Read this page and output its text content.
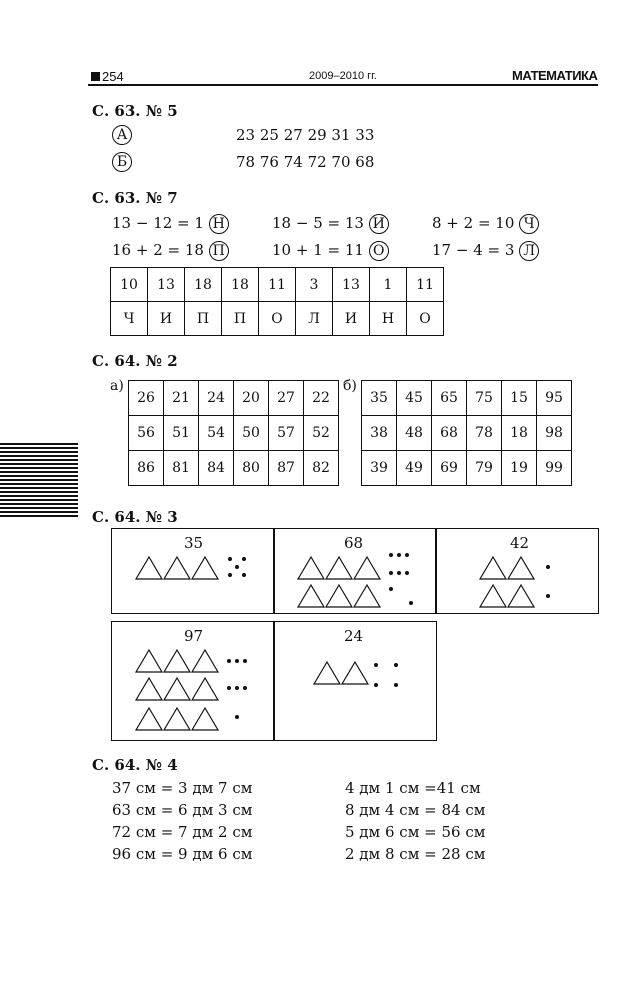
254	2009–2010 гг.	МАТЕМАТИКА
С. 63. № 5
А	23 25 27 29 31 33
Б	78 76 74 72 70 68
С. 63. № 7
13 − 12 = 1 Н	18 − 5 = 13 И	8 + 2 = 10 Ч
16 + 2 = 18 П	10 + 1 = 11 О	17 − 4 = 3 Л
10	13	18	18	11	3	13	1	11
Ч	И	П	П	О	Л	И	Н	О
С. 64. № 2
а)	б)
26	21	24	20	27	22
56	51	54	50	57	52
86	81	84	80	87	82
35	45	65	75	15	95
38	48	68	78	18	98
39	49	69	79	19	99
С. 64. № 3
35	68	42
97	24
С. 64. № 4
37 см = 3 дм 7 см
63 см = 6 дм 3 см
72 см = 7 дм 2 см
96 см = 9 дм 6 см
4 дм 1 см =41 см
8 дм 4 см = 84 см
5 дм 6 см = 56 см
2 дм 8 см = 28 см
